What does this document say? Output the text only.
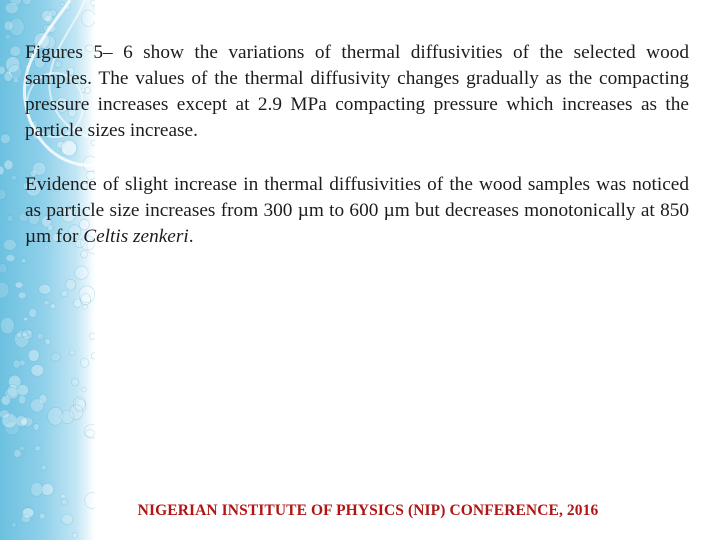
Figures 5– 6 show the variations of thermal diffusivities of the selected wood samples. The values of the thermal diffusivity changes gradually as the compacting pressure increases except at 2.9 MPa compacting pressure which increases as the particle sizes increase.

Evidence of slight increase in thermal diffusivities of the wood samples was noticed as particle size increases from 300 µm to 600 µm but decreases monotonically at 850 µm for Celtis zenkeri.

NIGERIAN INSTITUTE OF PHYSICS (NIP) CONFERENCE, 2016
